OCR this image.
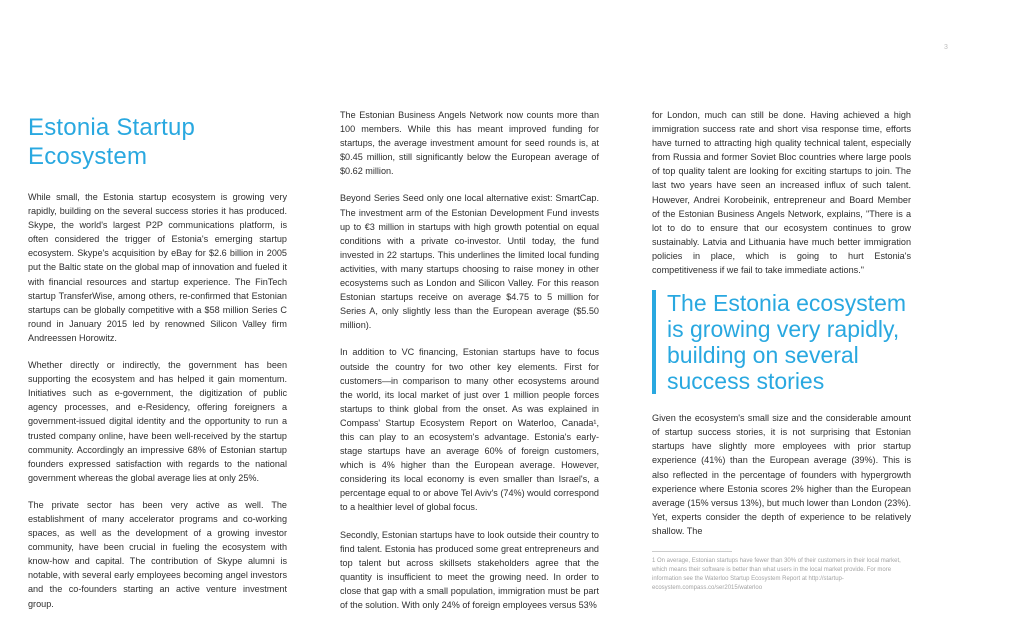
3
Estonia Startup Ecosystem

While small, the Estonia startup ecosystem is growing very rapidly, building on the several success stories it has produced. Skype, the world's largest P2P communications platform, is often considered the trigger of Estonia's emerging startup ecosystem. Skype's acquisition by eBay for $2.6 billion in 2005 put the Baltic state on the global map of innovation and fueled it with financial resources and startup experience. The FinTech startup TransferWise, among others, re-confirmed that Estonian startups can be globally competitive with a $58 million Series C round in January 2015 led by renowned Silicon Valley firm Andreessen Horowitz.

Whether directly or indirectly, the government has been supporting the ecosystem and has helped it gain momentum. Initiatives such as e-government, the digitization of public agency processes, and e-Residency, offering foreigners a government-issued digital identity and the opportunity to run a trusted company online, have been well-received by the startup community. Accordingly an impressive 68% of Estonian startup founders expressed satisfaction with regards to the national government whereas the global average lies at only 25%.

The private sector has been very active as well. The establishment of many accelerator programs and co-working spaces, as well as the development of a growing investor community, have been crucial in fueling the ecosystem with know-how and capital. The contribution of Skype alumni is notable, with several early employees becoming angel investors and the co-founders starting an active venture investment group.

The Estonian Business Angels Network now counts more than 100 members. While this has meant improved funding for startups, the average investment amount for seed rounds is, at $0.45 million, still significantly below the European average of $0.62 million.

Beyond Series Seed only one local alternative exist: SmartCap. The investment arm of the Estonian Development Fund invests up to €3 million in startups with high growth potential on equal conditions with a private co-investor. Until today, the fund invested in 22 startups. This underlines the limited local funding activities, with many startups choosing to raise money in other ecosystems such as London and Silicon Valley. For this reason Estonian startups receive on average $4.75 to 5 million for Series A, only slightly less than the European average ($5.50 million).

In addition to VC financing, Estonian startups have to focus outside the country for two other key elements. First for customers—in comparison to many other ecosystems around the world, its local market of just over 1 million people forces startups to think global from the onset. As was explained in Compass' Startup Ecosystem Report on Waterloo, Canada¹, this can play to an ecosystem's advantage. Estonia's early-stage startups have an average 60% of foreign customers, which is 4% higher than the European average. However, considering its local economy is even smaller than Israel's, a percentage equal to or above Tel Aviv's (74%) would correspond to a healthier level of global focus.

Secondly, Estonian startups have to look outside their country to find talent. Estonia has produced some great entrepreneurs and top talent but across skillsets stakeholders agree that the quantity is insufficient to meet the growing need. In order to close that gap with a small population, immigration must be part of the solution. With only 24% of foreign employees versus 53%

for London, much can still be done. Having achieved a high immigration success rate and short visa response time, efforts have turned to attracting high quality technical talent, especially from Russia and former Soviet Bloc countries where large pools of top quality talent are looking for exciting startups to join. The last two years have seen an increased influx of such talent. However, Andrei Korobeinik, entrepreneur and Board Member of the Estonian Business Angels Network, explains, "There is a lot to do to ensure that our ecosystem continues to grow sustainably. Latvia and Lithuania have much better immigration policies in place, which is going to hurt Estonia's competitiveness if we fail to take immediate actions."

The Estonia ecosystem is growing very rapidly, building on several success stories

Given the ecosystem's small size and the considerable amount of startup success stories, it is not surprising that Estonian startups have slightly more employees with prior startup experience (41%) than the European average (39%). This is also reflected in the percentage of founders with hypergrowth experience where Estonia scores 2% higher than the European average (15% versus 13%), but much lower than London (23%). Yet, experts consider the depth of experience to be relatively shallow. The

1 On average, Estonian startups have fewer than 30% of their customers in their local market, which means their software is better than what users in the local market provide. For more information see the Waterloo Startup Ecosystem Report at http://startup-ecosystem.compass.co/ser2015/waterloo
